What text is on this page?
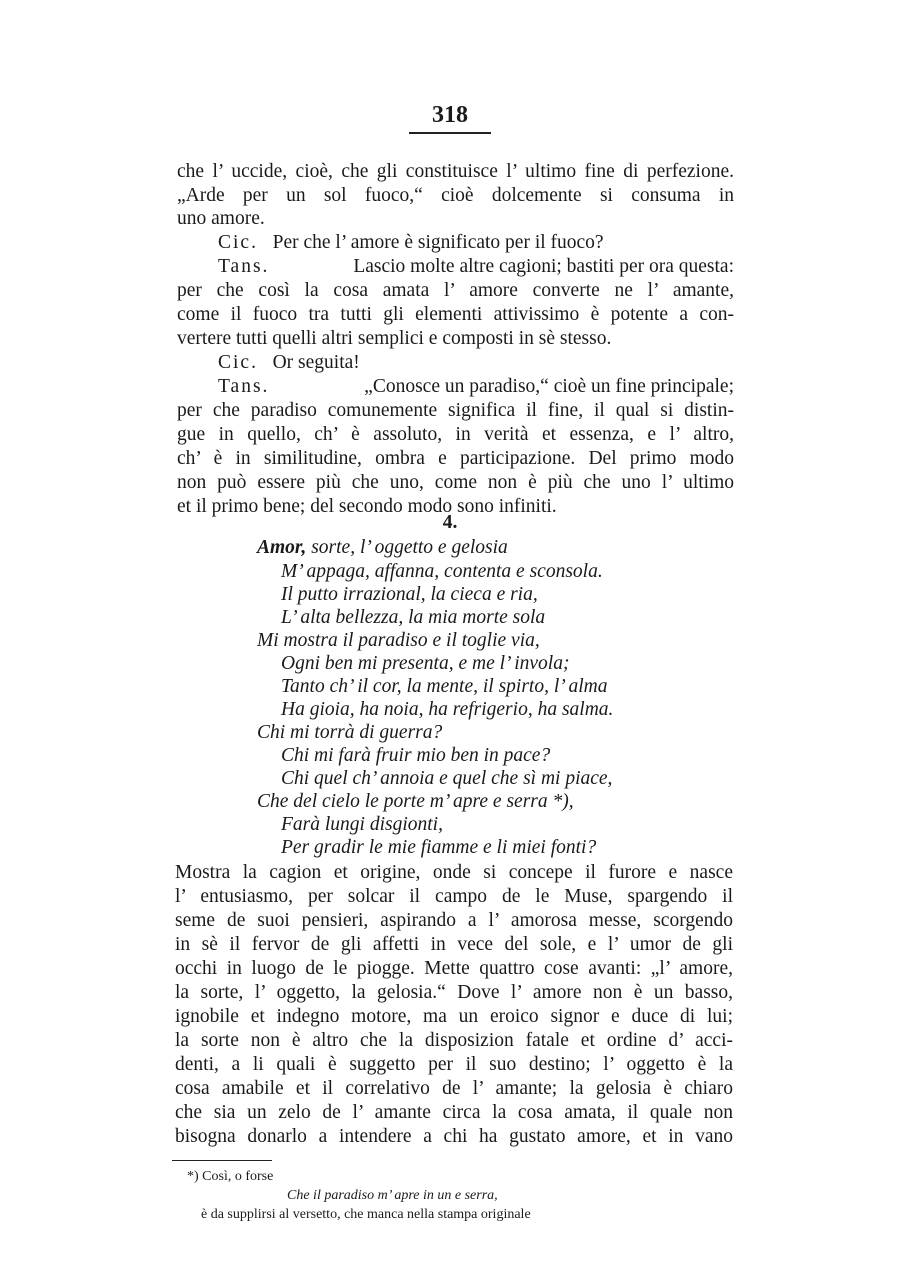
318
che l’ uccide, cioè, che gli constituisce l’ ultimo fine di perfezione.
„Arde per un sol fuoco,“ cioè dolcemente si consuma in
uno amore.
Cic. Per che l’ amore è significato per il fuoco?
Tans.	Lascio molte altre cagioni; bastiti per ora questa:
per che così la cosa amata l’ amore converte ne l’ amante,
come il fuoco tra tutti gli elementi attivissimo è potente a con-
vertere tutti quelli altri semplici e composti in sè stesso.
Cic. Or seguita!
Tans.	„Conosce un paradiso,“ cioè un fine principale;
per che paradiso comunemente significa il fine, il qual si distin-
gue in quello, ch’ è assoluto, in verità et essenza, e l’ altro,
ch’ è in similitudine, ombra e participazione. Del primo modo
non può essere più che uno, come non è più che uno l’ ultimo
et il primo bene; del secondo modo sono infiniti.
4.
Amor, sorte, l’ oggetto e gelosia
M’ appaga, affanna, contenta e sconsola.
Il putto irrazional, la cieca e ria,
L’ alta bellezza, la mia morte sola
Mi mostra il paradiso e il toglie via,
Ogni ben mi presenta, e me l’ invola;
Tanto ch’ il cor, la mente, il spirto, l’ alma
Ha gioia, ha noia, ha refrigerio, ha salma.
Chi mi torrà di guerra?
Chi mi farà fruir mio ben in pace?
Chi quel ch’ annoia e quel che sì mi piace,
Che del cielo le porte m’ apre e serra *),
Farà lungi disgionti,
Per gradir le mie fiamme e li miei fonti?
Mostra la cagion et origine, onde si concepe il furore e nasce
l’ entusiasmo, per solcar il campo de le Muse, spargendo il
seme de suoi pensieri, aspirando a l’ amorosa messe, scorgendo
in sè il fervor de gli affetti in vece del sole, e l’ umor de gli
occhi in luogo de le piogge. Mette quattro cose avanti: „l’ amore,
la sorte, l’ oggetto, la gelosia.“ Dove l’ amore non è un basso,
ignobile et indegno motore, ma un eroico signor e duce di lui;
la sorte non è altro che la disposizion fatale et ordine d’ acci-
denti, a li quali è suggetto per il suo destino; l’ oggetto è la
cosa amabile et il correlativo de l’ amante; la gelosia è chiaro
che sia un zelo de l’ amante circa la cosa amata, il quale non
bisogna donarlo a intendere a chi ha gustato amore, et in vano
*) Così, o forse
Che il paradiso m’ apre in un e serra,
è da supplirsi al versetto, che manca nella stampa originale
